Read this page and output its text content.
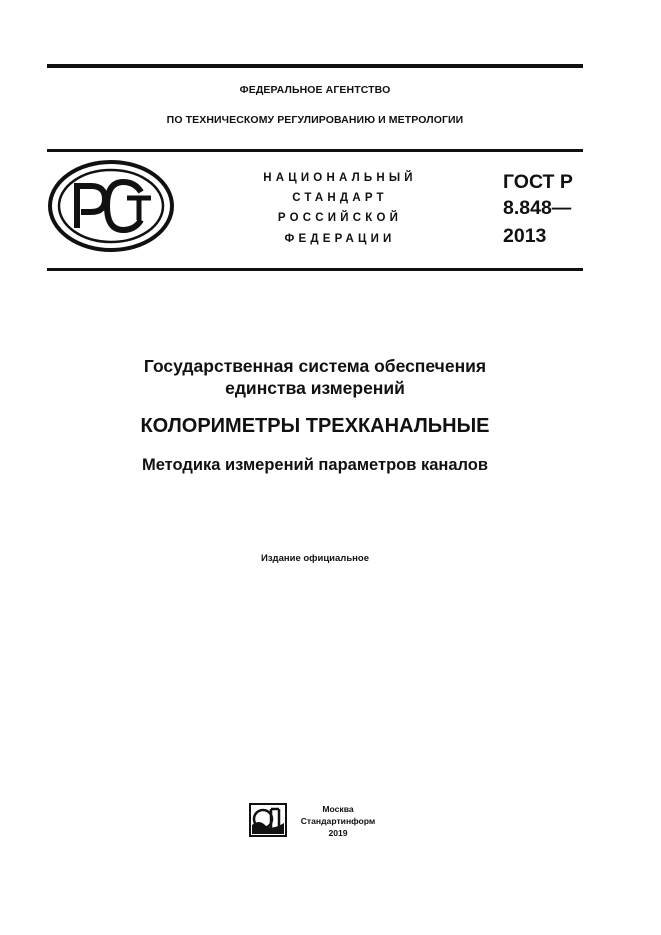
ФЕДЕРАЛЬНОЕ АГЕНТСТВО
ПО ТЕХНИЧЕСКОМУ РЕГУЛИРОВАНИЮ И МЕТРОЛОГИИ
НАЦИОНАЛЬНЫЙ
СТАНДАРТ
РОССИЙСКОЙ
ФЕДЕРАЦИИ
ГОСТ Р
8.848—
2013
Государственная система обеспечения
единства измерений
КОЛОРИМЕТРЫ ТРЕХКАНАЛЬНЫЕ
Методика измерений параметров каналов
Издание официальное
Москва
Стандартинформ
2019
